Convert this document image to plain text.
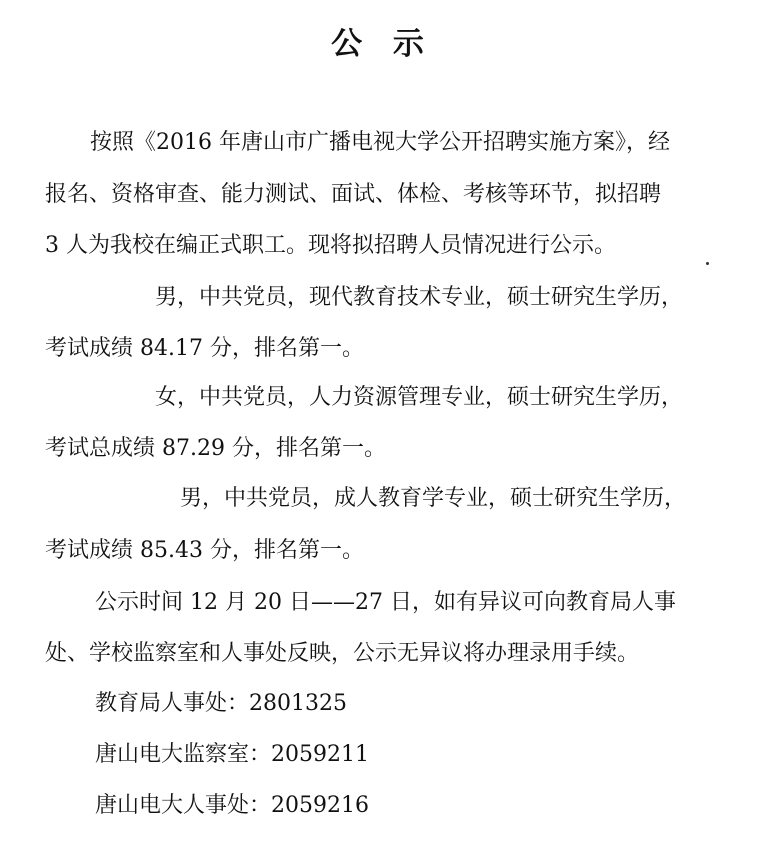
公 示
按照《2016 年唐山市广播电视大学公开招聘实施方案》，经
报名、资格审查、能力测试、面试、体检、考核等环节，拟招聘
3 人为我校在编正式职工。现将拟招聘人员情况进行公示。
男，中共党员，现代教育技术专业，硕士研究生学历，
考试成绩 84.17 分，排名第一。
女，中共党员，人力资源管理专业，硕士研究生学历，
考试总成绩 87.29 分，排名第一。
男，中共党员，成人教育学专业，硕士研究生学历，
考试成绩 85.43 分，排名第一。
公示时间 12 月 20 日——27 日，如有异议可向教育局人事
处、学校监察室和人事处反映，公示无异议将办理录用手续。
教育局人事处：2801325
唐山电大监察室：2059211
唐山电大人事处：2059216
